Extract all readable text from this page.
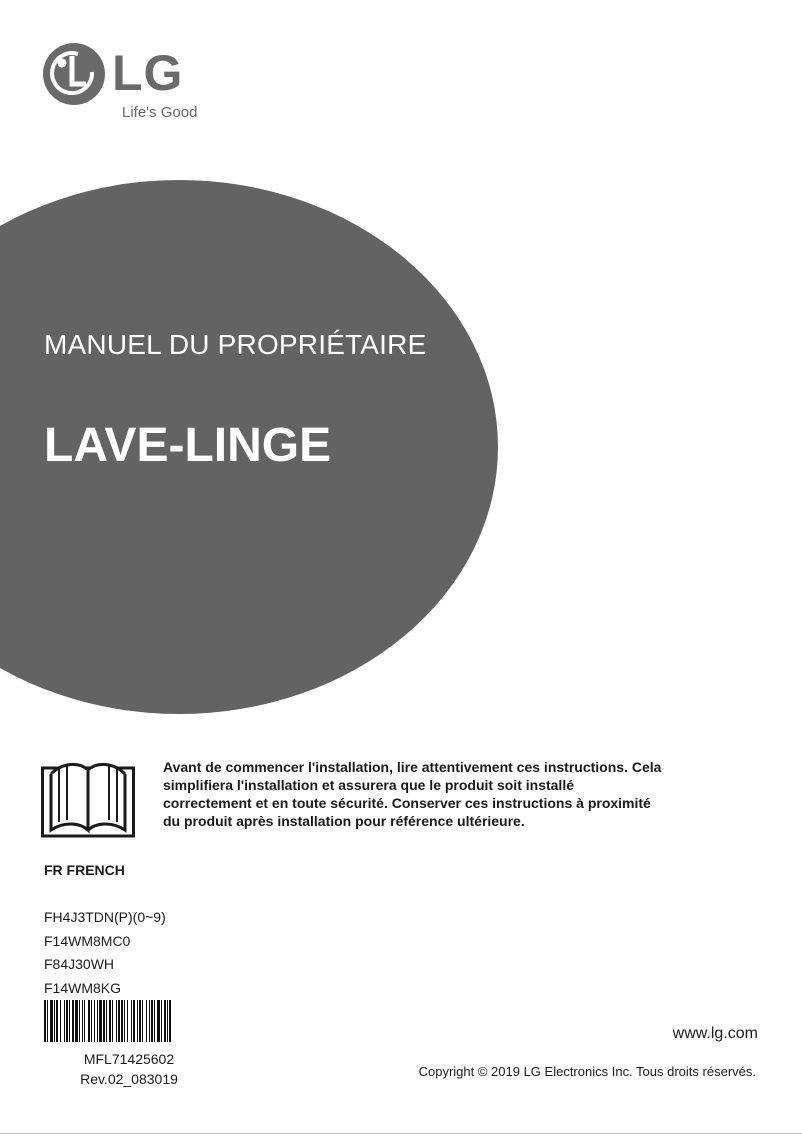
LG
Life's Good
MANUEL DU PROPRIÉTAIRE
LAVE-LINGE
Avant de commencer l'installation, lire attentivement ces instructions. Cela simplifiera l'installation et assurera que le produit soit installé correctement et en toute sécurité. Conserver ces instructions à proximité du produit après installation pour référence ultérieure.
FR FRENCH
FH4J3TDN(P)(0~9)
F14WM8MC0
F84J30WH
F14WM8KG
MFL71425602
Rev.02_083019
www.lg.com
Copyright © 2019 LG Electronics Inc. Tous droits réservés.
